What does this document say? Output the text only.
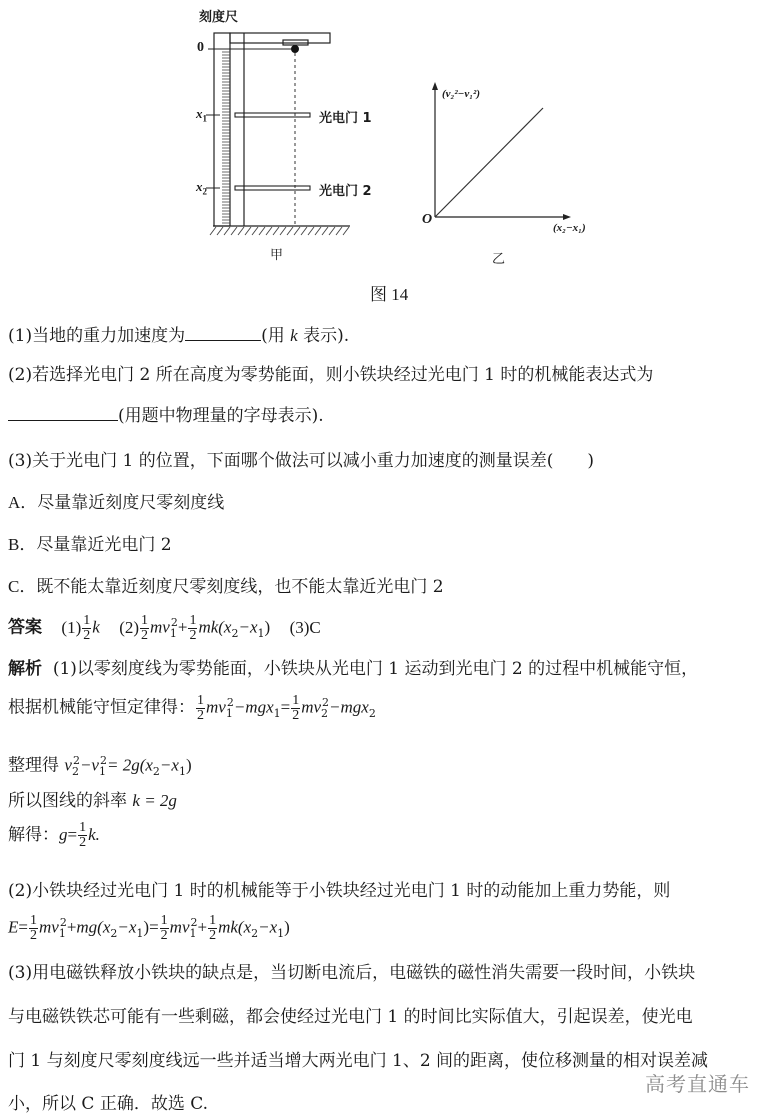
刻度尺
0
$x_1$
$x_2$
光电门 1
光电门 2
甲
(v₂²−v₁²)
(x₂−x₁)
O
乙
图 14
(1)当地的重力加速度为	(用 k 表示).
(2)若选择光电门 2 所在高度为零势能面，则小铁块经过光电门 1 时的机械能表达式为
(用题中物理量的字母表示).
(3)关于光电门 1 的位置，下面哪个做法可以减小重力加速度的测量误差(　　)
A．尽量靠近刻度尺零刻度线
B．尽量靠近光电门 2
C．既不能太靠近刻度尺零刻度线，也不能太靠近光电门 2
答案 $(1) \frac{1}{2}$ k $(2) \frac{1}{2} mv_1^2+ \frac{1}{2} mk(x_2-x_1)$ (3)C
解析 (1)以零刻度线为零势能面，小铁块从光电门 1 运动到光电门 2 的过程中机械能守恒，
根据机械能守恒定律得： $\frac{1}{2} mv_1^2-mgx_1= \frac{1}{2} mv_2^2-mgx_2$
整理得 $v_2^2-v_1^2= 2g(x_2-x_1)$
所以图线的斜率 k = 2g
解得：$g= \frac{1}{2} k$.
(2)小铁块经过光电门 1 时的机械能等于小铁块经过光电门 1 时的动能加上重力势能，则
$E= \frac{1}{2} mv_1^2+mg(x_2-x_1)= \frac{1}{2} mv_1^2+ \frac{1}{2} mk(x_2-x_1)$
(3)用电磁铁释放小铁块的缺点是，当切断电流后，电磁铁的磁性消失需要一段时间，小铁块
与电磁铁铁芯可能有一些剩磁，都会使经过光电门 1 的时间比实际值大，引起误差，使光电
门 1 与刻度尺零刻度线远一些并适当增大两光电门 1、2 间的距离，使位移测量的相对误差减
小，所以 C 正确．故选 C.
高考直通车
